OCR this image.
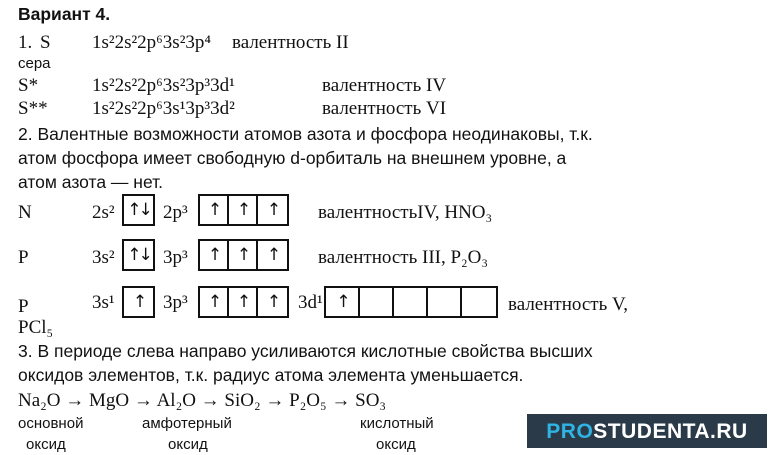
Вариант 4.
1. S 1s²2s²2p⁶3s²3p⁴ валентность II
сера
S*	1s²2s²2p⁶3s²3p³3d¹	валентность IV
S** 1s²2s²2p⁶3s¹3p³3d²	валентность VI
2. Валентные возможности атомов азота и фосфора неодинаковы, т.к.
атом фосфора имеет свободную d-орбиталь на внешнем уровне, а
атом азота — нет.
N	2s² ↑↓ 2p³	↑	↑	↑	валентностьIV, HNO₃
P	3s² ↑↓ 3p³	↑	↑	↑	валентность III, P₂O₃
P	3s¹	↑ 3p³	↑	↑	↑	3d¹ ↑	валентность V,
PCl₅
3. В периоде слева направо усиливаются кислотные свойства высших
оксидов элементов, т.к. радиус атома элемента уменьшается.
Na₂O → MgO → Al₂O → SiO₂ → P₂O₅ → SO₃
основной
оксид
амфотерный
оксид
кислотный
оксид
PRO STUDENTA.RU
